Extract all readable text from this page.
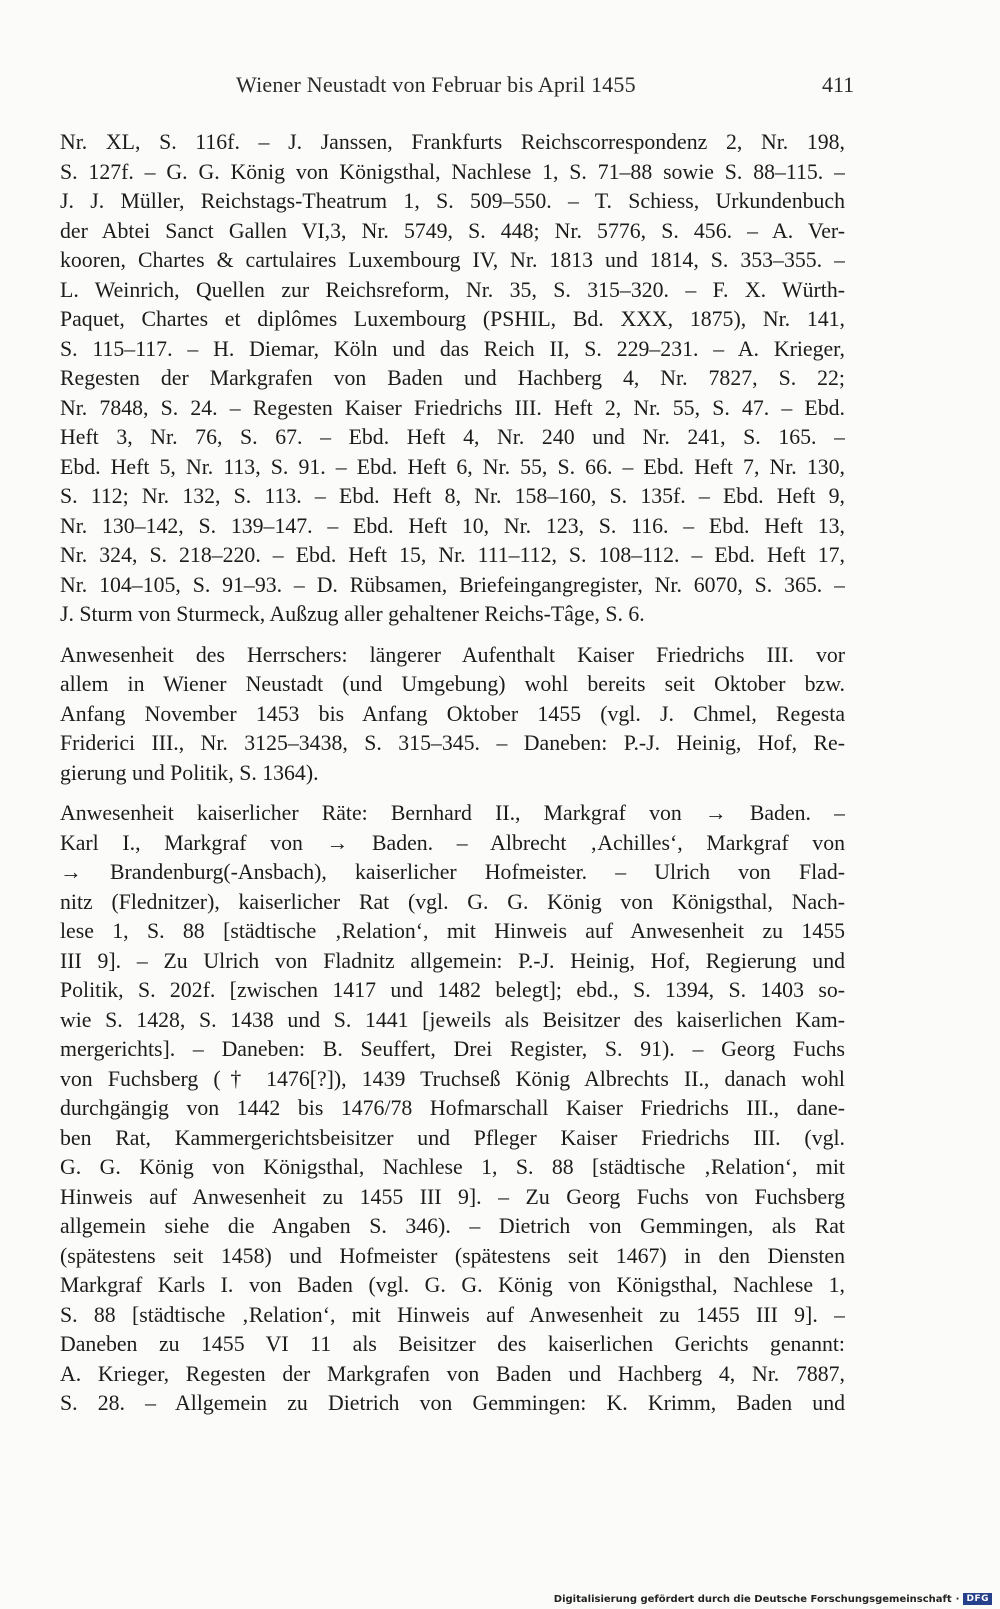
Wiener Neustadt von Februar bis April 1455	411
Nr. XL, S. 116f. – J. Janssen, Frankfurts Reichscorrespondenz 2, Nr. 198,
S. 127f. – G. G. König von Königsthal, Nachlese 1, S. 71–88 sowie S. 88–115. –
J. J. Müller, Reichstags-Theatrum 1, S. 509–550. – T. Schiess, Urkundenbuch
der Abtei Sanct Gallen VI,3, Nr. 5749, S. 448; Nr. 5776, S. 456. – A. Ver-
kooren, Chartes & cartulaires Luxembourg IV, Nr. 1813 und 1814, S. 353–355. –
L. Weinrich, Quellen zur Reichsreform, Nr. 35, S. 315–320. – F. X. Würth-
Paquet, Chartes et diplômes Luxembourg (PSHIL, Bd. XXX, 1875), Nr. 141,
S. 115–117. – H. Diemar, Köln und das Reich II, S. 229–231. – A. Krieger,
Regesten der Markgrafen von Baden und Hachberg 4, Nr. 7827, S. 22;
Nr. 7848, S. 24. – Regesten Kaiser Friedrichs III. Heft 2, Nr. 55, S. 47. – Ebd.
Heft 3, Nr. 76, S. 67. – Ebd. Heft 4, Nr. 240 und Nr. 241, S. 165. –
Ebd. Heft 5, Nr. 113, S. 91. – Ebd. Heft 6, Nr. 55, S. 66. – Ebd. Heft 7, Nr. 130,
S. 112; Nr. 132, S. 113. – Ebd. Heft 8, Nr. 158–160, S. 135f. – Ebd. Heft 9,
Nr. 130–142, S. 139–147. – Ebd. Heft 10, Nr. 123, S. 116. – Ebd. Heft 13,
Nr. 324, S. 218–220. – Ebd. Heft 15, Nr. 111–112, S. 108–112. – Ebd. Heft 17,
Nr. 104–105, S. 91–93. – D. Rübsamen, Briefeingangregister, Nr. 6070, S. 365. –
J. Sturm von Sturmeck, Außzug aller gehaltener Reichs-Tâge, S. 6.
Anwesenheit des Herrschers: längerer Aufenthalt Kaiser Friedrichs III. vor
allem in Wiener Neustadt (und Umgebung) wohl bereits seit Oktober bzw.
Anfang November 1453 bis Anfang Oktober 1455 (vgl. J. Chmel, Regesta
Friderici III., Nr. 3125–3438, S. 315–345. – Daneben: P.-J. Heinig, Hof, Re-
gierung und Politik, S. 1364).
Anwesenheit kaiserlicher Räte: Bernhard II., Markgraf von → Baden. –
Karl I., Markgraf von → Baden. – Albrecht ‚Achilles‘, Markgraf von
→ Brandenburg(-Ansbach), kaiserlicher Hofmeister. – Ulrich von Flad-
nitz (Flednitzer), kaiserlicher Rat (vgl. G. G. König von Königsthal, Nach-
lese 1, S. 88 [städtische ‚Relation‘, mit Hinweis auf Anwesenheit zu 1455
III 9]. – Zu Ulrich von Fladnitz allgemein: P.-J. Heinig, Hof, Regierung und
Politik, S. 202f. [zwischen 1417 und 1482 belegt]; ebd., S. 1394, S. 1403 so-
wie S. 1428, S. 1438 und S. 1441 [jeweils als Beisitzer des kaiserlichen Kam-
mergerichts]. – Daneben: B. Seuffert, Drei Register, S. 91). – Georg Fuchs
von Fuchsberg († 1476[?]), 1439 Truchseß König Albrechts II., danach wohl
durchgängig von 1442 bis 1476/78 Hofmarschall Kaiser Friedrichs III., dane-
ben Rat, Kammergerichtsbeisitzer und Pfleger Kaiser Friedrichs III. (vgl.
G. G. König von Königsthal, Nachlese 1, S. 88 [städtische ‚Relation‘, mit
Hinweis auf Anwesenheit zu 1455 III 9]. – Zu Georg Fuchs von Fuchsberg
allgemein siehe die Angaben S. 346). – Dietrich von Gemmingen, als Rat
(spätestens seit 1458) und Hofmeister (spätestens seit 1467) in den Diensten
Markgraf Karls I. von Baden (vgl. G. G. König von Königsthal, Nachlese 1,
S. 88 [städtische ‚Relation‘, mit Hinweis auf Anwesenheit zu 1455 III 9]. –
Daneben zu 1455 VI 11 als Beisitzer des kaiserlichen Gerichts genannt:
A. Krieger, Regesten der Markgrafen von Baden und Hachberg 4, Nr. 7887,
S. 28. – Allgemein zu Dietrich von Gemmingen: K. Krimm, Baden und
Digitalisierung gefördert durch die Deutsche Forschungsgemeinschaft · DFG
